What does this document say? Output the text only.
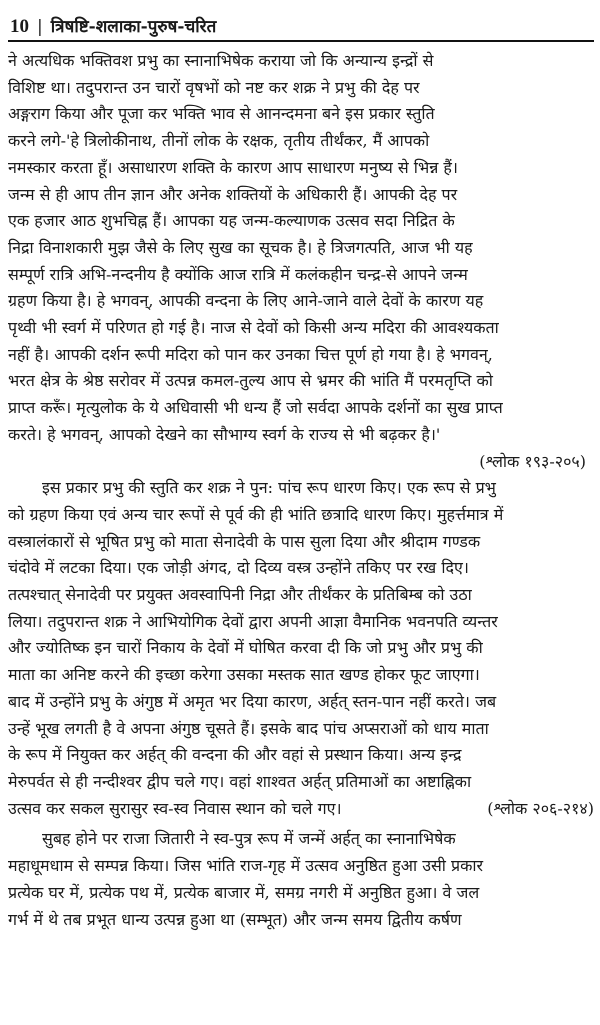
10 | त्रिषष्टि-शलाका-पुरुष-चरित
ने अत्यधिक भक्तिवश प्रभु का स्नानाभिषेक कराया जो कि अन्यान्य इन्द्रों से
विशिष्ट था। तदुपरान्त उन चारों वृषभों को नष्ट कर शक्र ने प्रभु की देह पर
अङ्गराग किया और पूजा कर भक्ति भाव से आनन्दमना बने इस प्रकार स्तुति
करने लगे-'हे त्रिलोकीनाथ, तीनों लोक के रक्षक, तृतीय तीर्थंकर, मैं आपको
नमस्कार करता हूँ। असाधारण शक्ति के कारण आप साधारण मनुष्य से भिन्न हैं।
जन्म से ही आप तीन ज्ञान और अनेक शक्तियों के अधिकारी हैं। आपकी देह पर
एक हजार आठ शुभचिह्न हैं। आपका यह जन्म-कल्याणक उत्सव सदा निद्रित के
निद्रा विनाशकारी मुझ जैसे के लिए सुख का सूचक है। हे त्रिजगत्पति, आज भी यह
सम्पूर्ण रात्रि अभि-नन्दनीय है क्योंकि आज रात्रि में कलंकहीन चन्द्र-से आपने जन्म
ग्रहण किया है। हे भगवन्, आपकी वन्दना के लिए आने-जाने वाले देवों के कारण यह
पृथ्वी भी स्वर्ग में परिणत हो गई है। नाज से देवों को किसी अन्य मदिरा की आवश्यकता
नहीं है। आपकी दर्शन रूपी मदिरा को पान कर उनका चित्त पूर्ण हो गया है। हे भगवन्,
भरत क्षेत्र के श्रेष्ठ सरोवर में उत्पन्न कमल-तुल्य आप से भ्रमर की भांति मैं परमतृप्ति को
प्राप्त करूँ। मृत्युलोक के ये अधिवासी भी धन्य हैं जो सर्वदा आपके दर्शनों का सुख प्राप्त
करते। हे भगवन्, आपको देखने का सौभाग्य स्वर्ग के राज्य से भी बढ़कर है।'
(श्लोक १९३-२०५)
इस प्रकार प्रभु की स्तुति कर शक्र ने पुन: पांच रूप धारण किए। एक रूप से प्रभु
को ग्रहण किया एवं अन्य चार रूपों से पूर्व की ही भांति छत्रादि धारण किए। मुहर्त्तमात्र में
वस्त्रालंकारों से भूषित प्रभु को माता सेनादेवी के पास सुला दिया और श्रीदाम गण्डक
चंदोवे में लटका दिया। एक जोड़ी अंगद, दो दिव्य वस्त्र उन्होंने तकिए पर रख दिए।
तत्पश्चात् सेनादेवी पर प्रयुक्त अवस्वापिनी निद्रा और तीर्थंकर के प्रतिबिम्ब को उठा
लिया। तदुपरान्त शक्र ने आभियोगिक देवों द्वारा अपनी आज्ञा वैमानिक भवनपति व्यन्तर
और ज्योतिष्क इन चारों निकाय के देवों में घोषित करवा दी कि जो प्रभु और प्रभु की
माता का अनिष्ट करने की इच्छा करेगा उसका मस्तक सात खण्ड होकर फूट जाएगा।
बाद में उन्होंने प्रभु के अंगुष्ठ में अमृत भर दिया कारण, अर्हत् स्तन-पान नहीं करते। जब
उन्हें भूख लगती है वे अपना अंगुष्ठ चूसते हैं। इसके बाद पांच अप्सराओं को धाय माता
के रूप में नियुक्त कर अर्हत् की वन्दना की और वहां से प्रस्थान किया। अन्य इन्द्र
मेरुपर्वत से ही नन्दीश्वर द्वीप चले गए। वहां शाश्वत अर्हत् प्रतिमाओं का अष्टाह्निका
उत्सव कर सकल सुरासुर स्व-स्व निवास स्थान को चले गए।	(श्लोक २०६-२१४)
सुबह होने पर राजा जितारी ने स्व-पुत्र रूप में जन्में अर्हत् का स्नानाभिषेक
महाधूमधाम से सम्पन्न किया। जिस भांति राज-गृह में उत्सव अनुष्ठित हुआ उसी प्रकार
प्रत्येक घर में, प्रत्येक पथ में, प्रत्येक बाजार में, समग्र नगरी में अनुष्ठित हुआ। वे जल
गर्भ में थे तब प्रभूत धान्य उत्पन्न हुआ था (सम्भूत) और जन्म समय द्वितीय कर्षण
